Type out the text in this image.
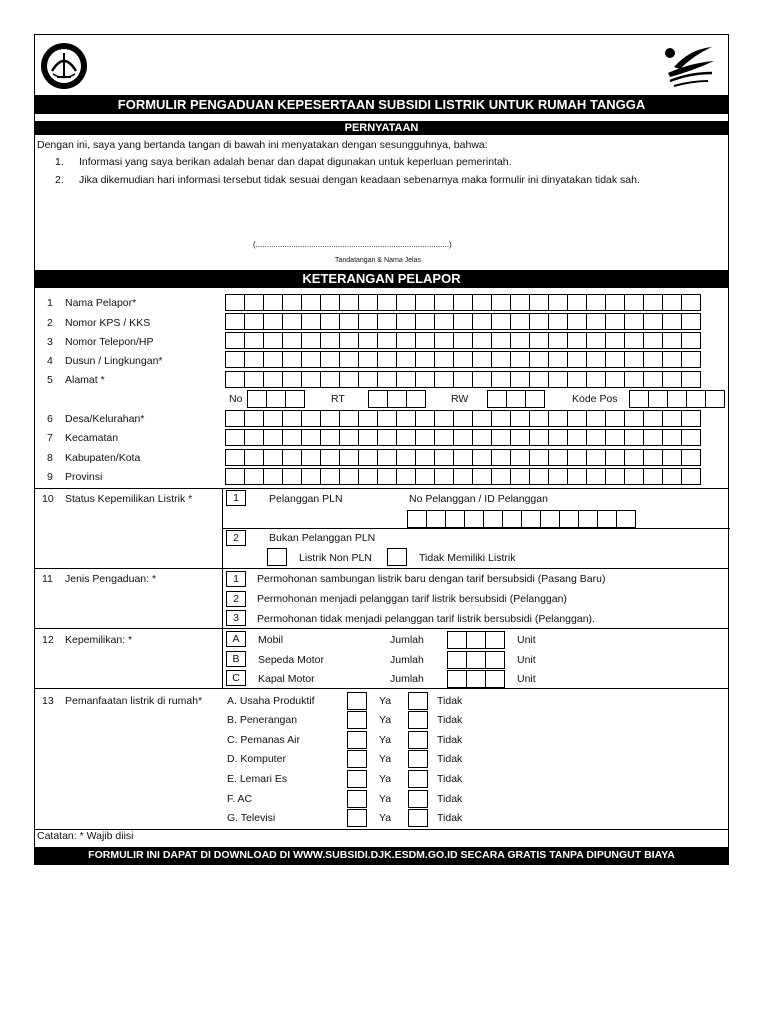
FORMULIR PENGADUAN KEPESERTAAN SUBSIDI LISTRIK UNTUK RUMAH TANGGA
PERNYATAAN
Dengan ini, saya yang bertanda tangan di bawah ini menyatakan dengan sesungguhnya, bahwa:
1. Informasi yang saya berikan adalah benar dan dapat digunakan untuk keperluan pemerintah.
2. Jika dikemudian hari informasi tersebut tidak sesuai dengan keadaan sebenarnya maka formulir ini dinyatakan tidak sah.
(.......................................................................................)
Tandatangan & Nama Jelas
KETERANGAN PELAPOR
1 Nama Pelapor*
2 Nomor KPS / KKS
3 Nomor Telepon/HP
4 Dusun / Lingkungan*
5 Alamat *
No	RT	RW	Kode Pos
6 Desa/Kelurahan*
7 Kecamatan
8 Kabupaten/Kota
9 Provinsi
10 Status Kepemilikan Listrik *	1	Pelanggan PLN	No Pelanggan / ID Pelanggan
2	Bukan Pelanggan PLN
Listrik Non PLN	Tidak Memiliki Listrik
11 Jenis Pengaduan: *	1	Permohonan sambungan listrik baru dengan tarif bersubsidi (Pasang Baru)
2	Permohonan menjadi pelanggan tarif listrik bersubsidi (Pelanggan)
3	Permohonan tidak menjadi pelanggan tarif listrik bersubsidi (Pelanggan).
12 Kepemilikan: *	A	Mobil	Jumlah	Unit
B	Sepeda Motor	Jumlah	Unit
C	Kapal Motor	Jumlah	Unit
13 Pemanfaatan listrik di rumah* A. Usaha Produktif	Ya	Tidak
B. Penerangan	Ya	Tidak
C. Pemanas Air	Ya	Tidak
D. Komputer	Ya	Tidak
E. Lemari Es	Ya	Tidak
F. AC	Ya	Tidak
G. Televisi	Ya	Tidak
Catatan: * Wajib diisi
FORMULIR INI DAPAT DI DOWNLOAD DI WWW.SUBSIDI.DJK.ESDM.GO.ID SECARA GRATIS TANPA DIPUNGUT BIAYA
